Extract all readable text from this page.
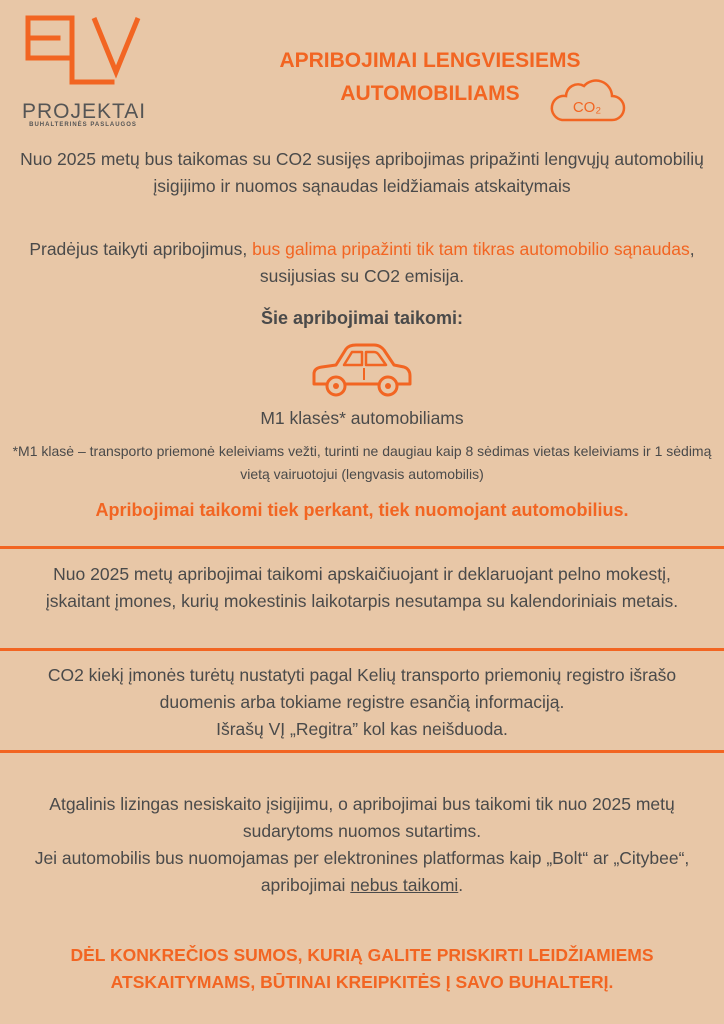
PROJEKTAI
BUHALTERINĖS PASLAUGOS
APRIBOJIMAI LENGVIESIEMS
AUTOMOBILIAMS
CO₂
Nuo 2025 metų bus taikomas su CO2 susijęs apribojimas pripažinti lengvųjų automobilių įsigijimo ir nuomos sąnaudas leidžiamais atskaitymais
Pradėjus taikyti apribojimus, bus galima pripažinti tik tam tikras automobilio sąnaudas, susijusias su CO2 emisija.
Šie apribojimai taikomi:
M1 klasės* automobiliams
*M1 klasė – transporto priemonė keleiviams vežti, turinti ne daugiau kaip 8 sėdimas vietas keleiviams ir 1 sėdimą vietą vairuotojui (lengvasis automobilis)
Apribojimai taikomi tiek perkant, tiek nuomojant automobilius.
Nuo 2025 metų apribojimai taikomi apskaičiuojant ir deklaruojant pelno mokestį, įskaitant įmones, kurių mokestinis laikotarpis nesutampa su kalendoriniais metais.
CO2 kiekį įmonės turėtų nustatyti pagal Kelių transporto priemonių registro išrašo duomenis arba tokiame registre esančią informaciją.
Išrašų VĮ „Regitra” kol kas neišduoda.
Atgalinis lizingas nesiskaito įsigijimu, o apribojimai bus taikomi tik nuo 2025 metų sudarytoms nuomos sutartims.
Jei automobilis bus nuomojamas per elektronines platformas kaip „Bolt“ ar „Citybee“, apribojimai nebus taikomi.
DĖL KONKREČIOS SUMOS, KURIĄ GALITE PRISKIRTI LEIDŽIAMIEMS
ATSKAITYMAMS, BŪTINAI KREIPKITĖS Į SAVO BUHALTERĮ.
